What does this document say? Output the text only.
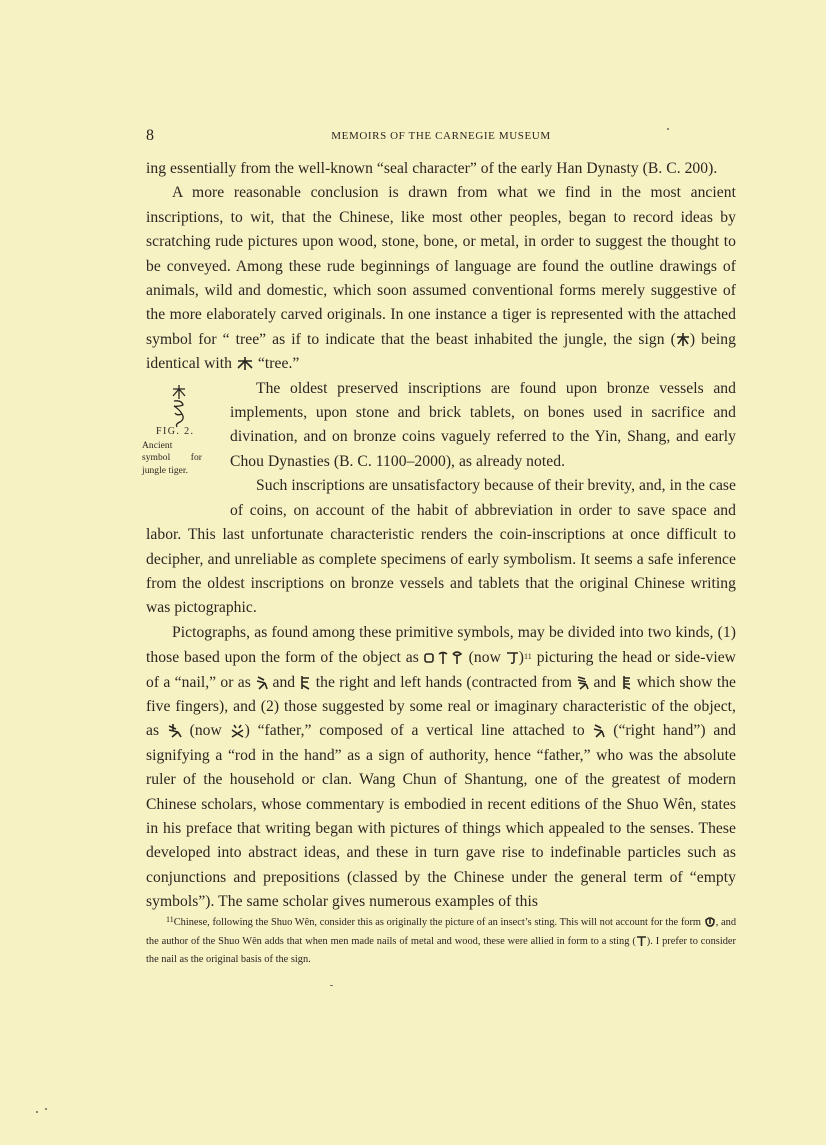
8	MEMOIRS OF THE CARNEGIE MUSEUM

ing essentially from the well-known “seal character” of the early Han Dynasty (B. C. 200).

A more reasonable conclusion is drawn from what we find in the most ancient inscriptions, to wit, that the Chinese, like most other peoples, began to record ideas by scratching rude pictures upon wood, stone, bone, or metal, in order to suggest the thought to be conveyed. Among these rude beginnings of language are found the outline drawings of animals, wild and domestic, which soon assumed conventional forms merely suggestive of the more elaborately carved originals. In one instance a tiger is represented with the attached symbol for “ tree” as if to indicate that the beast inhabited the jungle, the sign ( ) being identical with  “tree.”

FIG. 2.
Ancient symbol for jungle tiger.

The oldest preserved inscriptions are found upon bronze vessels and implements, upon stone and brick tablets, on bones used in sacrifice and divination, and on bronze coins vaguely referred to the Yin, Shang, and early Chou Dynasties (B. C. 1100–2000), as already noted.

Such inscriptions are unsatisfactory because of their brevity, and, in the case of coins, on account of the habit of abbreviation in order to save space and labor. This last unfortunate characteristic renders the coin-inscriptions at once difficult to decipher, and unreliable as complete specimens of early symbolism. It seems a safe inference from the oldest inscriptions on bronze vessels and tablets that the original Chinese writing was pictographic.

Pictographs, as found among these primitive symbols, may be divided into two kinds, (1) those based upon the form of the object as	(now )$^{11}$ picturing the head or side-view of a “nail,” or as  and  the right and left hands (contracted from  and  which show the five fingers), and (2) those suggested by some real or imaginary characteristic of the object, as  (now ) “father,” composed of a vertical line attached to  (“right hand”) and signifying a “rod in the hand” as a sign of authority, hence “father,” who was the absolute ruler of the household or clan. Wang Chun of Shantung, one of the greatest of modern Chinese scholars, whose commentary is embodied in recent editions of the Shuo Wên, states in his preface that writing began with pictures of things which appealed to the senses. These developed into abstract ideas, and these in turn gave rise to indefinable particles such as conjunctions and prepositions (classed by the Chinese under the general term of “empty symbols”). The same scholar gives numerous examples of this

$^{11}$Chinese, following the Shuo Wên, consider this as originally the picture of an insect’s sting. This will not account for the form , and the author of the Shuo Wên adds that when men made nails of metal and wood, these were allied in form to a sting ( ). I prefer to consider the nail as the original basis of the sign.
